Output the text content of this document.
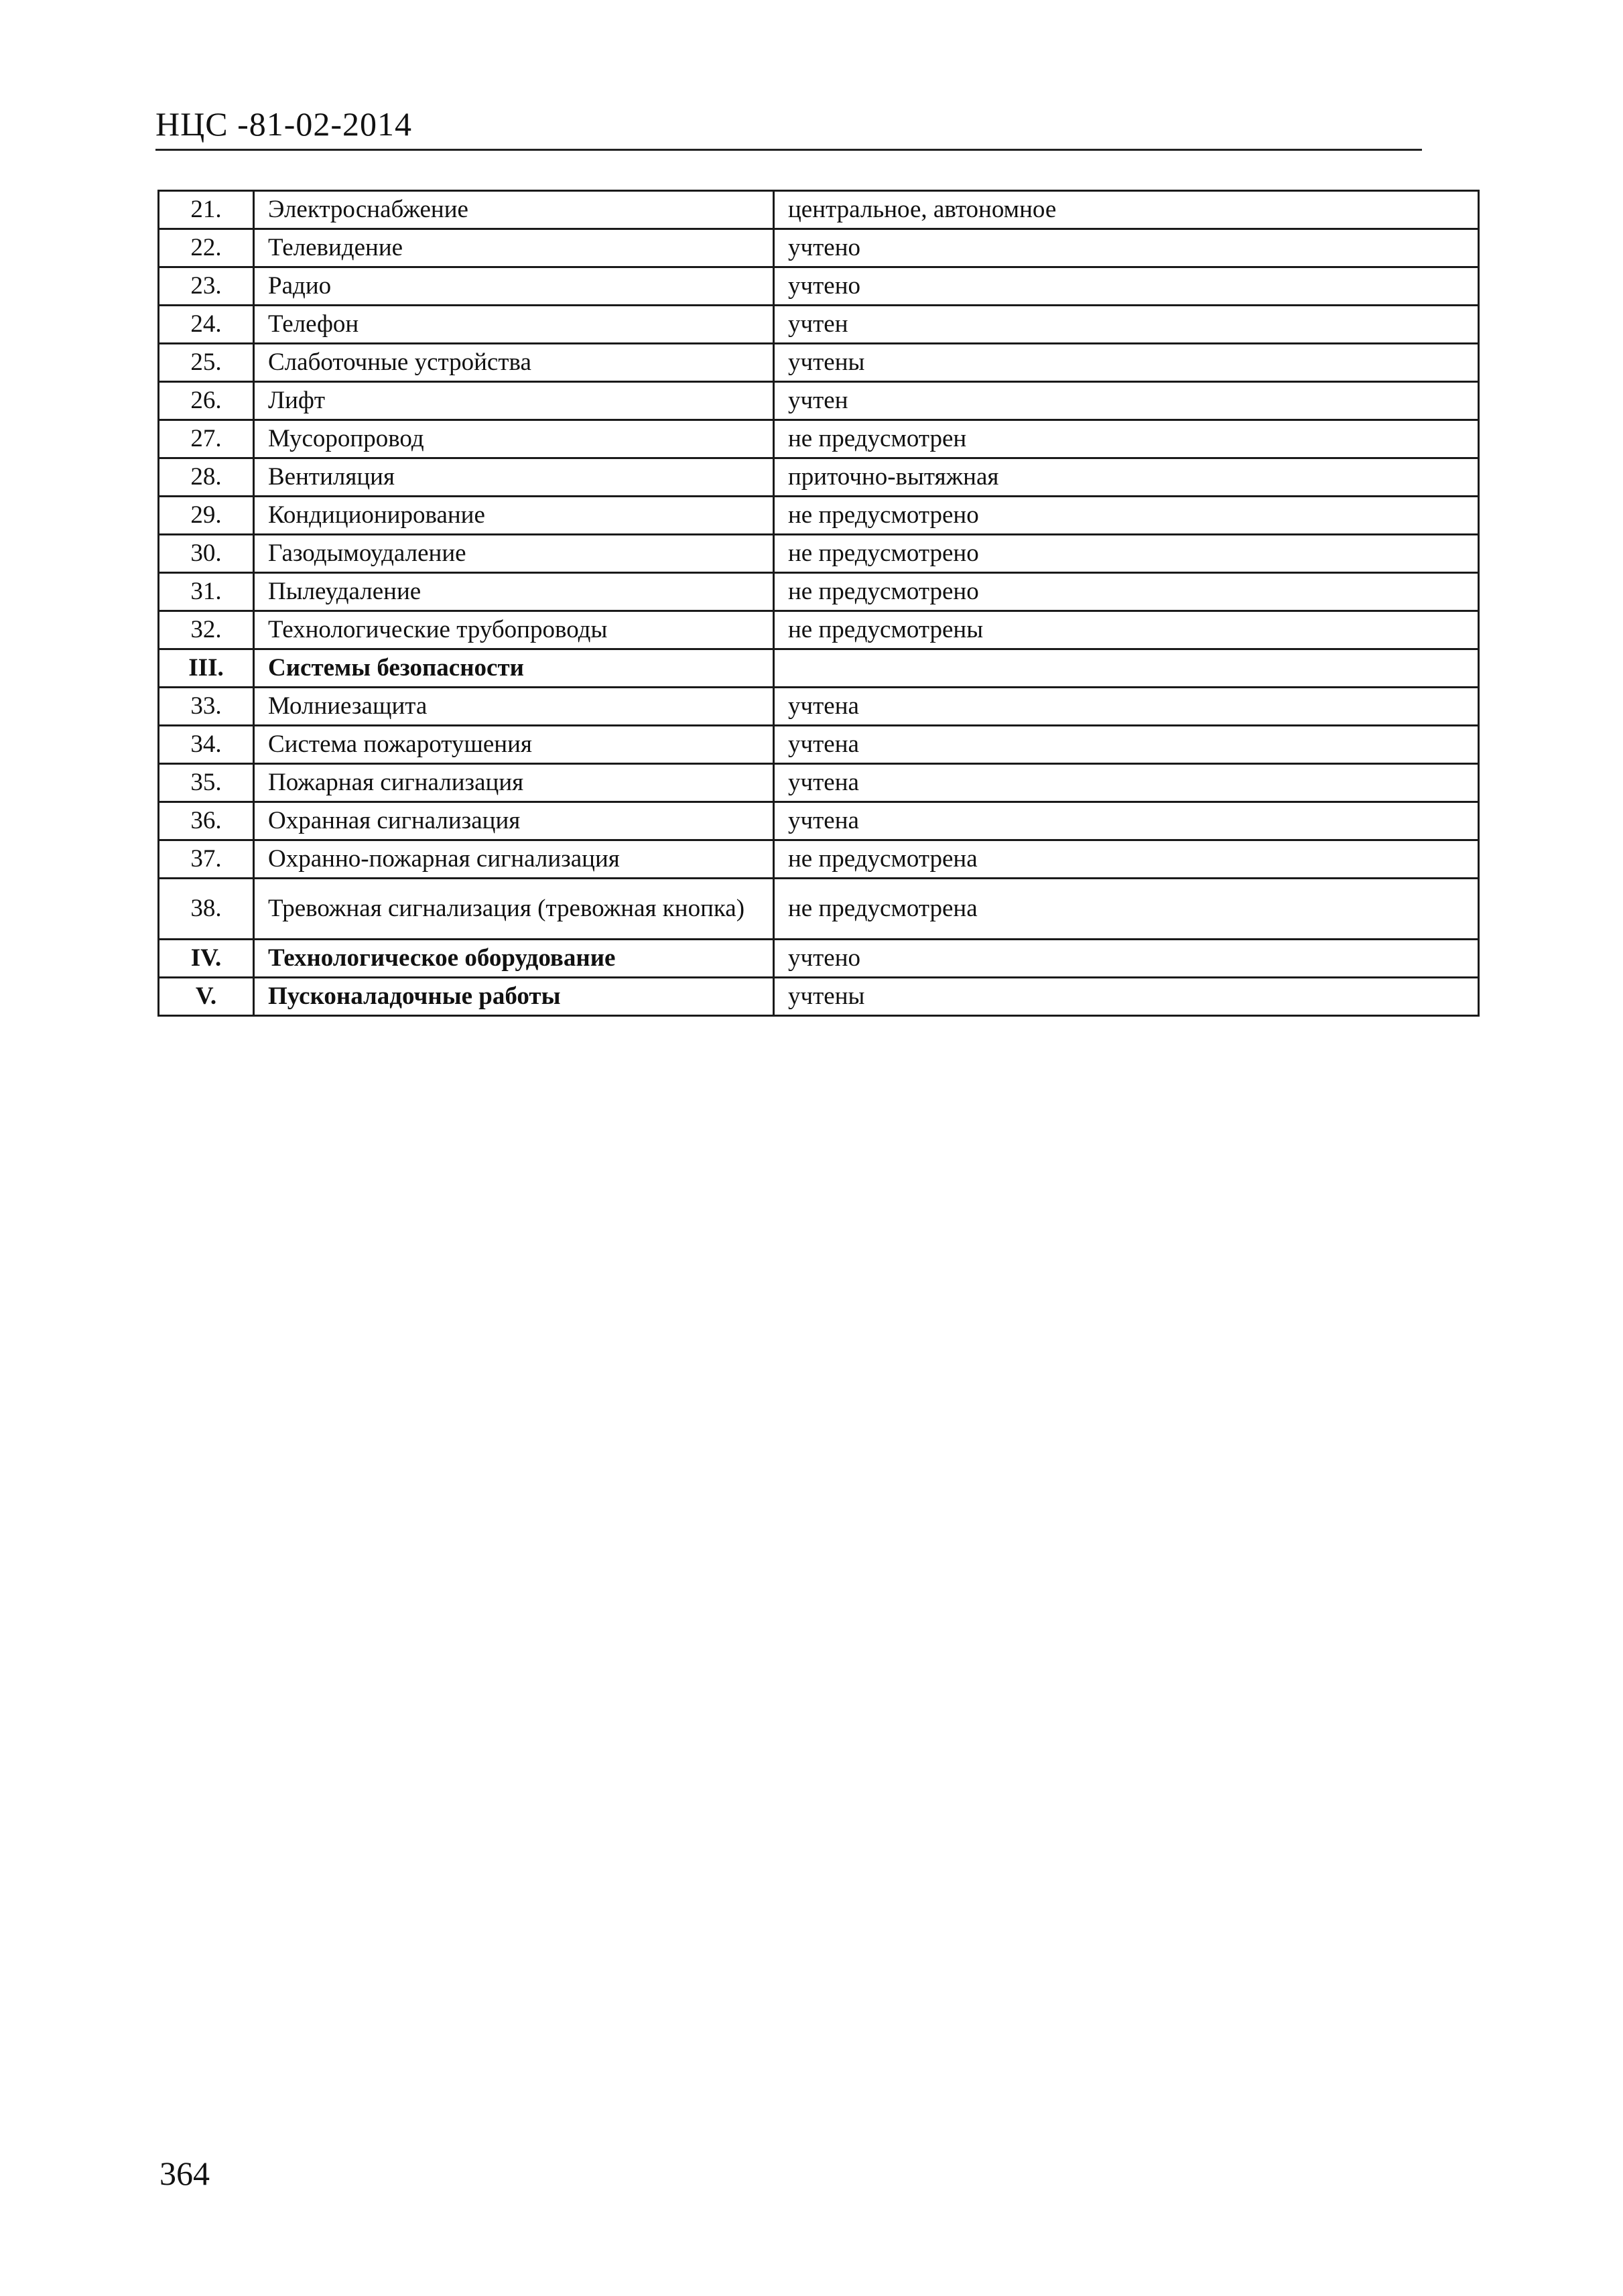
НЦС -81-02-2014
21.	Электроснабжение	центральное, автономное
22.	Телевидение	учтено
23.	Радио	учтено
24.	Телефон	учтен
25.	Слаботочные устройства	учтены
26.	Лифт	учтен
27.	Мусоропровод	не предусмотрен
28.	Вентиляция	приточно-вытяжная
29.	Кондиционирование	не предусмотрено
30.	Газодымоудаление	не предусмотрено
31.	Пылеудаление	не предусмотрено
32.	Технологические трубопроводы	не предусмотрены
III.	Системы безопасности	
33.	Молниезащита	учтена
34.	Система пожаротушения	учтена
35.	Пожарная сигнализация	учтена
36.	Охранная сигнализация	учтена
37.	Охранно-пожарная сигнализация	не предусмотрена
38.	Тревожная сигнализация (тревожная кнопка)	не предусмотрена
IV.	Технологическое оборудование	учтено
V.	Пусконаладочные работы	учтены
364
